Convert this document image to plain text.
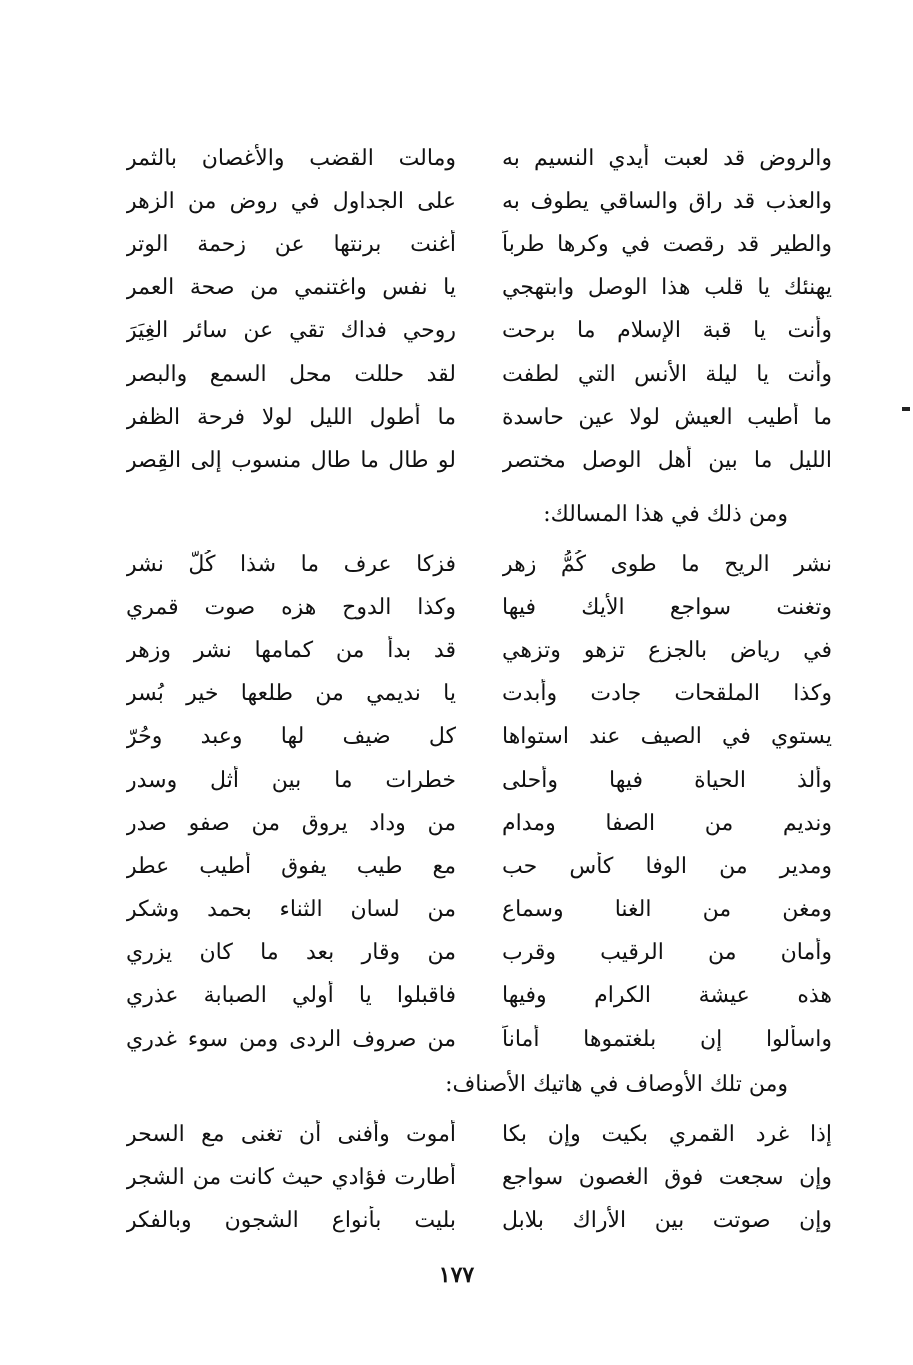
والروض قد لعبت أيدي النسيم به
ومالت القضب والأغصان بالثمر
والعذب قد راق والساقي يطوف به
على الجداول في روض من الزهر
والطير قد رقصت في وكرها طرباً
أغنت برنتها عن زحمة الوتر
يهنئك يا قلب هذا الوصل وابتهجي
يا نفس واغتنمي من صحة العمر
وأنت يا قبة الإسلام ما برحت
روحي فداك تقي عن سائر الغِيَرَ
وأنت يا ليلة الأنس التي لطفت
لقد حللت محل السمع والبصر
ما أطيب العيش لولا عين حاسدة
ما أطول الليل لولا فرحة الظفر
الليل ما بين أهل الوصل مختصر
لو طال ما طال منسوب إلى القِصر
ومن ذلك في هذا المسالك:
نشر الريح ما طوى كُمُّ زهر
فزكا عرف ما شذا كُلّ نشر
وتغنت سواجع الأيك فيها
وكذا الدوح هزه صوت قمري
في رياض بالجزع تزهو وتزهي
قد بدأ من كمامها نشر وزهر
وكذا الملقحات جادت وأبدت
يا نديمي من طلعها خير بُسر
يستوي في الصيف عند استواها
كل ضيف لها وعبد وحُرّ
وألذ الحياة فيها وأحلى
خطرات ما بين أثل وسدر
ونديم من الصفا ومدام
من وداد يروق من صفو صدر
ومدير من الوفا كأس حب
مع طيب يفوق أطيب عطر
ومغن من الغنا وسماع
من لسان الثناء بحمد وشكر
وأمان من الرقيب وقرب
من وقار بعد ما كان يزري
هذه عيشة الكرام وفيها
فاقبلوا يا أولي الصبابة عذري
واسألوا إن بلغتموها أماناً
من صروف الردى ومن سوء غدري
ومن تلك الأوصاف في هاتيك الأصناف:
إذا غرد القمري بكيت وإن بكا
أموت وأفنى أن تغنى مع السحر
وإن سجعت فوق الغصون سواجع
أطارت فؤادي حيث كانت من الشجر
وإن صوتت بين الأراك بلابل
بليت بأنواع الشجون وبالفكر
١٧٧
